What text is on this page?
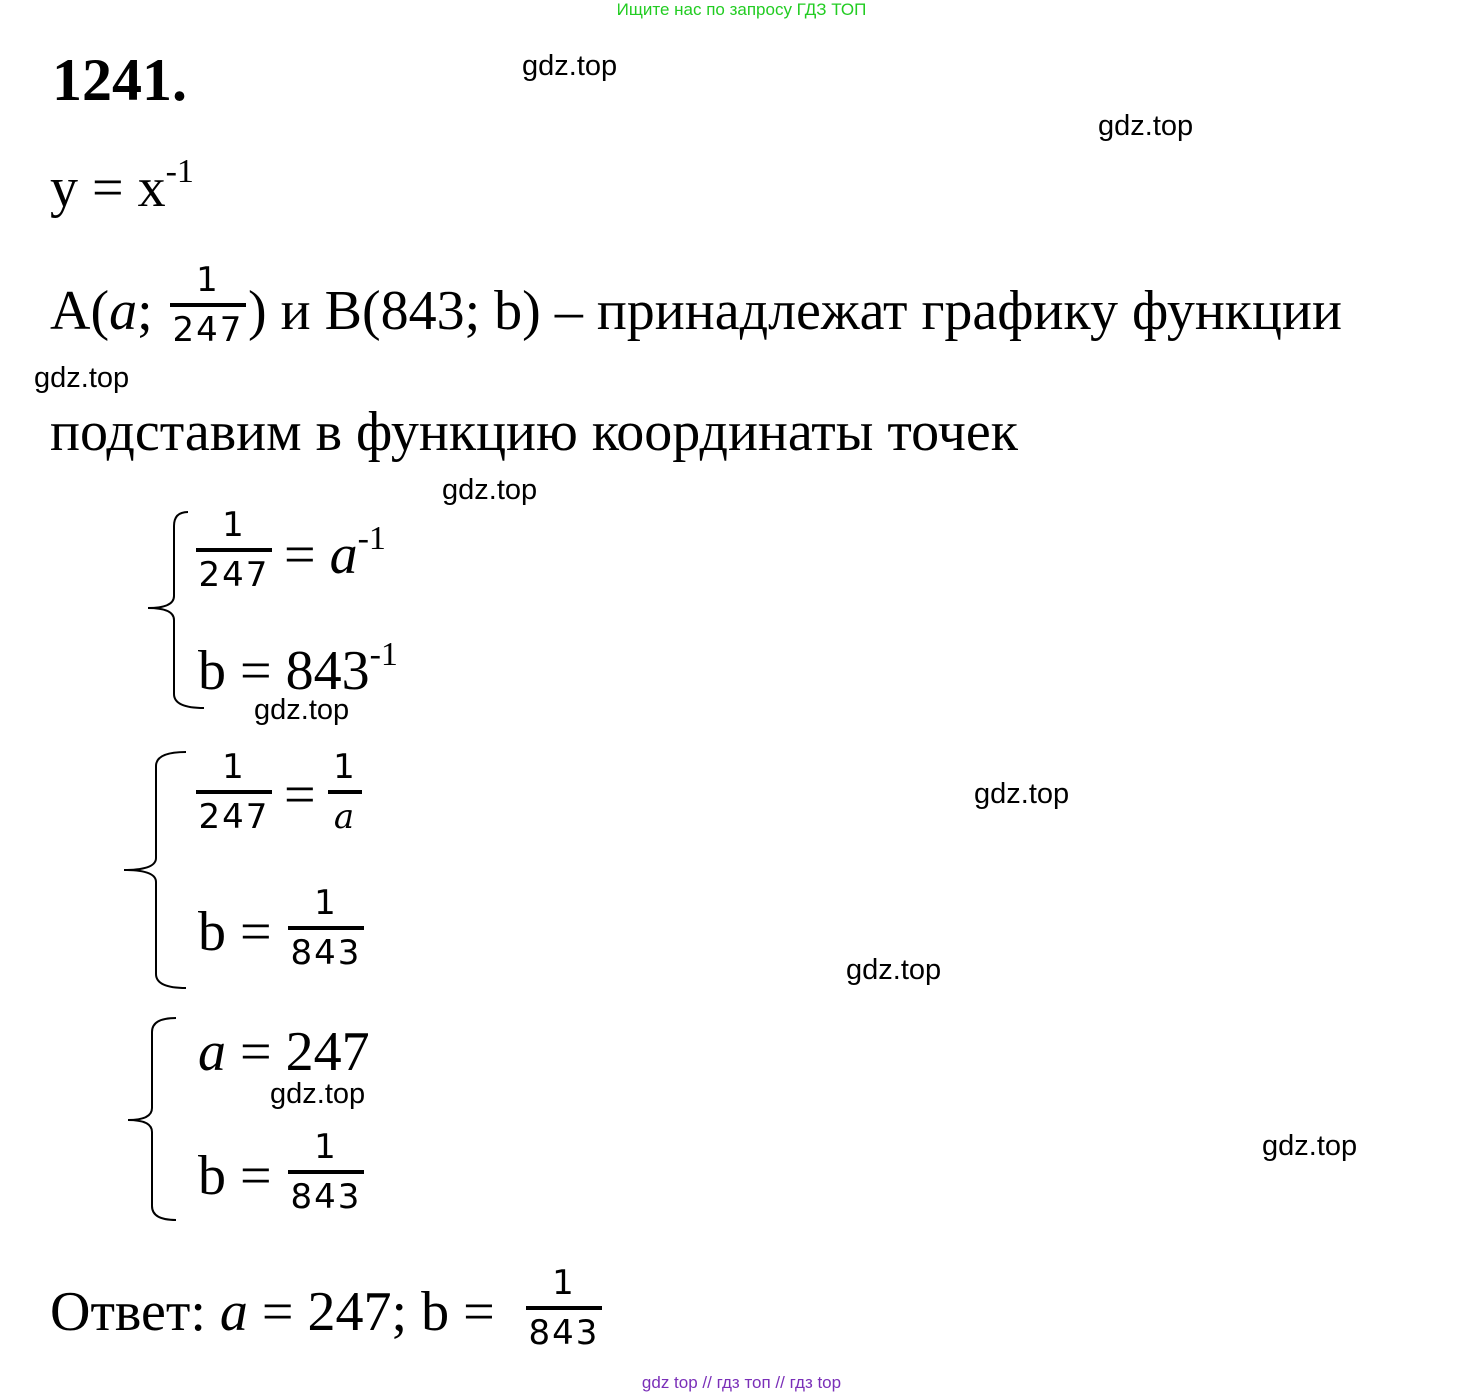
Ищите нас по запросу ГДЗ ТОП
1241.
$y = x^{-1}$
A(a;	1
247 ) и B(843; b) – принадлежат графику функции
подставим в функцию координаты точек
1
$247 = a^{-1}$
$b = 843^{-1}$
1
247 = 1
a
b =	1
843
a = 247
b =	1
843
Ответ: a = 247; b =	1
843
gdz.top
gdz.top
gdz.top
gdz.top
gdz.top
gdz.top
gdz.top
gdz.top
gdz.top
gdz top // гдз топ // гдз top
